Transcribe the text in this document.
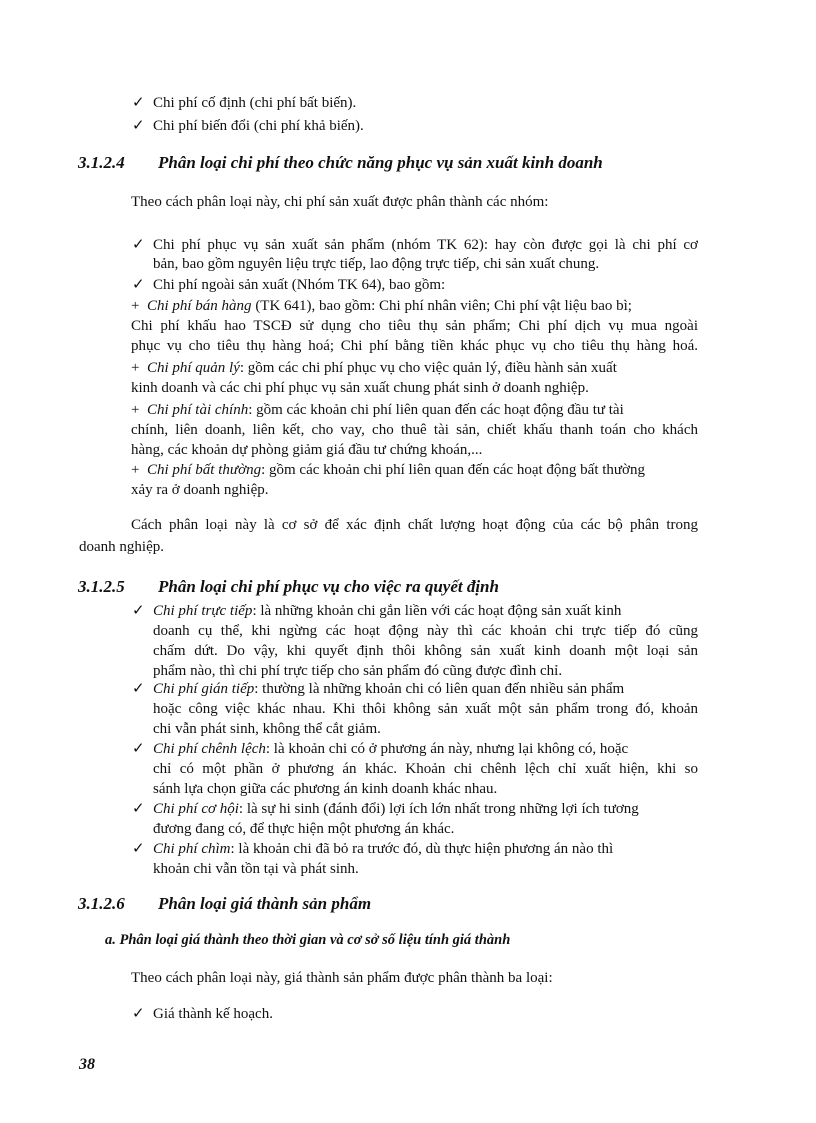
✓ Chi phí cố định (chi phí bất biến).
✓ Chi phí biến đổi (chi phí khả biến).
3.1.2.4 Phân loại chi phí theo chức năng phục vụ sản xuất kinh doanh
Theo cách phân loại này, chi phí sản xuất được phân thành các nhóm:
✓ Chi phí phục vụ sản xuất sản phẩm (nhóm TK 62): hay còn được gọi là chi phí cơ
bản, bao gồm nguyên liệu trực tiếp, lao động trực tiếp, chi sản xuất chung.
✓ Chi phí ngoài sản xuất (Nhóm TK 64), bao gồm:
+ Chi phí bán hàng (TK 641), bao gồm: Chi phí nhân viên; Chi phí vật liệu bao bì;
Chi phí khấu hao TSCĐ sử dụng cho tiêu thụ sản phẩm; Chi phí dịch vụ mua ngoài
phục vụ cho tiêu thụ hàng hoá; Chi phí bằng tiền khác phục vụ cho tiêu thụ hàng hoá.
+ Chi phí quản lý: gồm các chi phí phục vụ cho việc quản lý, điều hành sản xuất
kinh doanh và các chi phí phục vụ sản xuất chung phát sinh ở doanh nghiệp.
+ Chi phí tài chính: gồm các khoản chi phí liên quan đến các hoạt động đầu tư tài
chính, liên doanh, liên kết, cho vay, cho thuê tài sản, chiết khấu thanh toán cho khách
hàng, các khoản dự phòng giảm giá đầu tư chứng khoán,...
+ Chi phí bất thường: gồm các khoản chi phí liên quan đến các hoạt động bất thường
xảy ra ở doanh nghiệp.
Cách phân loại này là cơ sở để xác định chất lượng hoạt động của các bộ phân trong
doanh nghiệp.
3.1.2.5 Phân loại chi phí phục vụ cho việc ra quyết định
✓ Chi phí trực tiếp: là những khoản chi gắn liền với các hoạt động sản xuất kinh
doanh cụ thể, khi ngừng các hoạt động này thì các khoản chi trực tiếp đó cũng
chấm dứt. Do vậy, khi quyết định thôi không sản xuất kinh doanh một loại sản
phẩm nào, thì chi phí trực tiếp cho sản phẩm đó cũng được đình chỉ.
✓ Chi phí gián tiếp: thường là những khoản chi có liên quan đến nhiều sản phẩm
hoặc công việc khác nhau. Khi thôi không sản xuất một sản phẩm trong đó, khoản
chi vẫn phát sinh, không thể cắt giảm.
✓ Chi phí chênh lệch: là khoản chi có ở phương án này, nhưng lại không có, hoặc
chỉ có một phần ở phương án khác. Khoản chi chênh lệch chỉ xuất hiện, khi so
sánh lựa chọn giữa các phương án kinh doanh khác nhau.
✓ Chi phí cơ hội: là sự hi sinh (đánh đổi) lợi ích lớn nhất trong những lợi ích tương
đương đang có, để thực hiện một phương án khác.
✓ Chi phí chìm: là khoản chi đã bỏ ra trước đó, dù thực hiện phương án nào thì
khoản chi vẫn tồn tại và phát sinh.
3.1.2.6 Phân loại giá thành sản phẩm
a. Phân loại giá thành theo thời gian và cơ sở số liệu tính giá thành
Theo cách phân loại này, giá thành sản phẩm được phân thành ba loại:
✓ Giá thành kế hoạch.
38
